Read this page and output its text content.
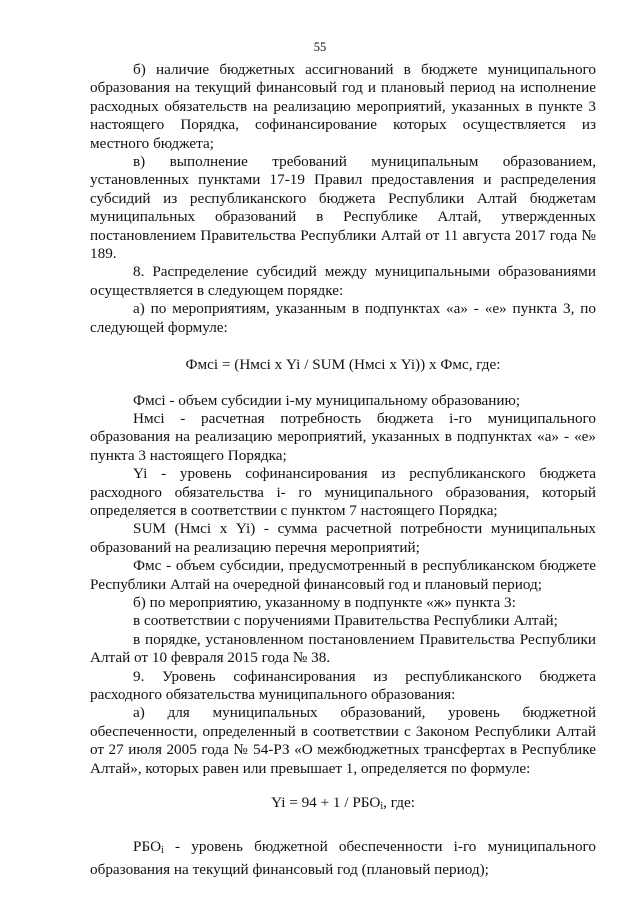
55

б) наличие бюджетных ассигнований в бюджете муниципального образования на текущий финансовый год и плановый период на исполнение расходных обязательств на реализацию мероприятий, указанных в пункте 3 настоящего Порядка, софинансирование которых осуществляется из местного бюджета;

в) выполнение требований муниципальным образованием, установленных пунктами 17-19 Правил предоставления и распределения субсидий из республиканского бюджета Республики Алтай бюджетам муниципальных образований в Республике Алтай, утвержденных постановлением Правительства Республики Алтай от 11 августа 2017 года № 189.

8. Распределение субсидий между муниципальными образованиями осуществляется в следующем порядке:

а) по мероприятиям, указанным в подпунктах «а» - «е» пункта 3, по следующей формуле:

Фмсi = (Нмсi х Yi / SUM (Нмсi х Yi)) х Фмс, где:

Фмсi - объем субсидии i-му муниципальному образованию;

Нмсi - расчетная потребность бюджета i-го муниципального образования на реализацию мероприятий, указанных в подпунктах «а» - «е» пункта 3 настоящего Порядка;

Yi - уровень софинансирования из республиканского бюджета расходного обязательства i- го муниципального образования, который определяется в соответствии с пунктом 7 настоящего Порядка;

SUM (Нмсi х Yi) - сумма расчетной потребности муниципальных образований на реализацию перечня мероприятий;

Фмс - объем субсидии, предусмотренный в республиканском бюджете Республики Алтай на очередной финансовый год и плановый период;

б) по мероприятию, указанному в подпункте «ж» пункта 3:

в соответствии с поручениями Правительства Республики Алтай;

в порядке, установленном постановлением Правительства Республики Алтай от 10 февраля 2015 года № 38.

9. Уровень софинансирования из республиканского бюджета расходного обязательства муниципального образования:

а) для муниципальных образований, уровень бюджетной обеспеченности, определенный в соответствии с Законом Республики Алтай от 27 июля 2005 года № 54-РЗ «О межбюджетных трансфертах в Республике Алтай», которых равен или превышает 1, определяется по формуле:

$Yi = 94 + 1 / РБО_i$, где:

$РБО_i$ - уровень бюджетной обеспеченности i-го муниципального образования на текущий финансовый год (плановый период);
